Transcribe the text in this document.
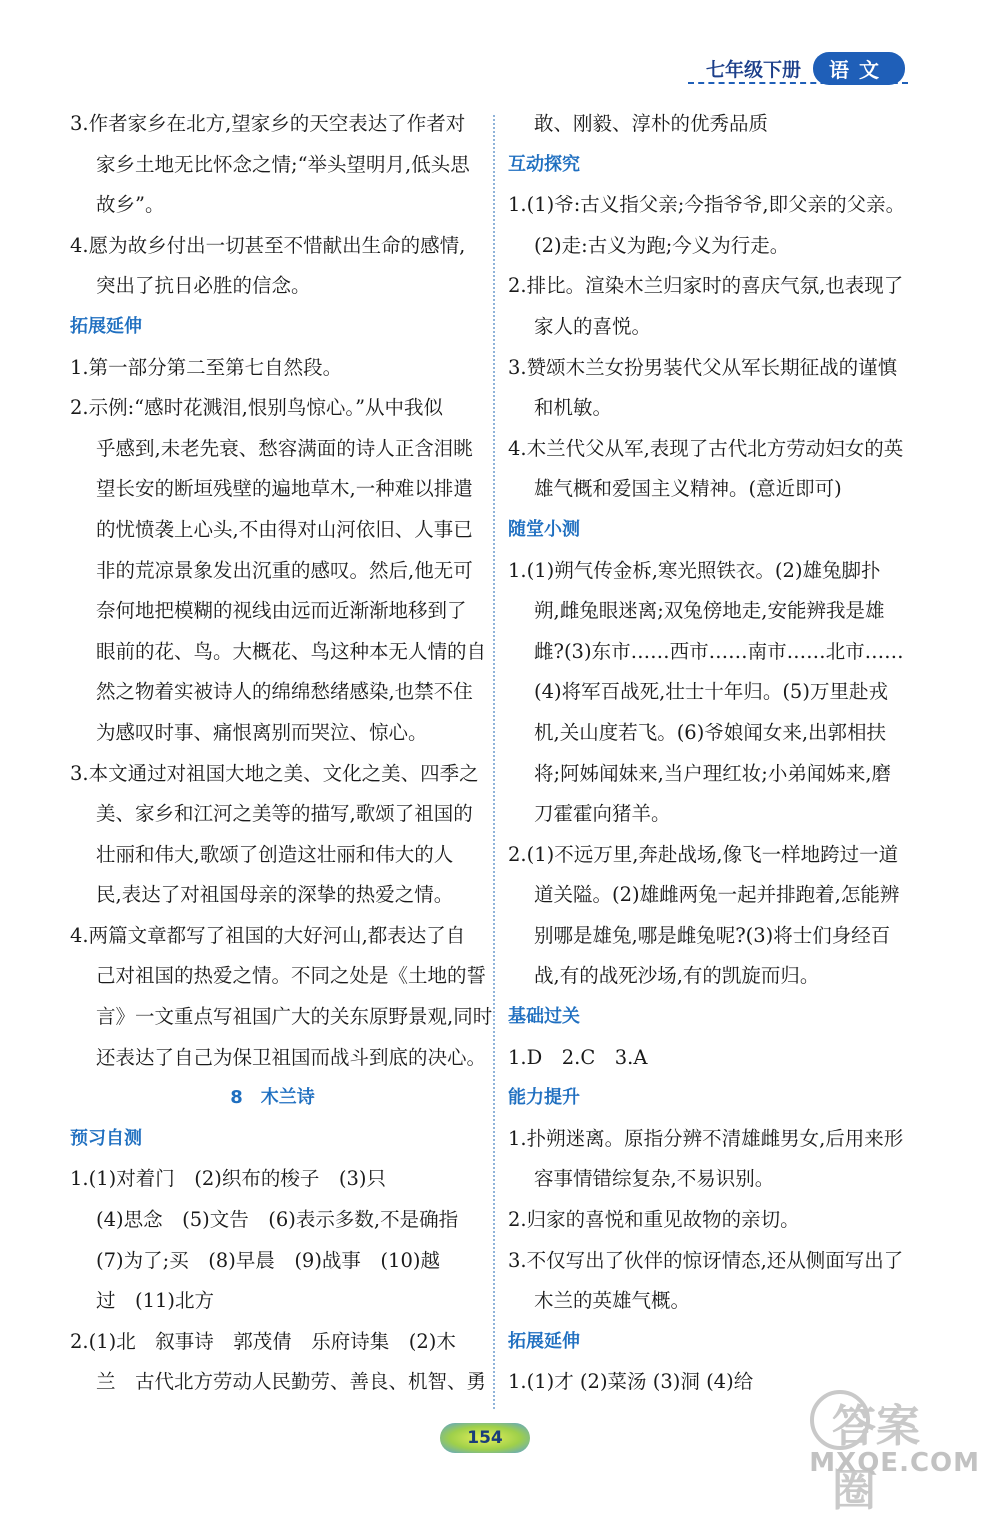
七年级下册	语文
3.作者家乡在北方,望家乡的天空表达了作者对
家乡土地无比怀念之情;“举头望明月,低头思
故乡”。
4.愿为故乡付出一切甚至不惜献出生命的感情,
突出了抗日必胜的信念。
拓展延伸
1.第一部分第二至第七自然段。
2.示例:“感时花溅泪,恨别鸟惊心。”从中我似
乎感到,未老先衰、愁容满面的诗人正含泪眺
望长安的断垣残壁的遍地草木,一种难以排遣
的忧愤袭上心头,不由得对山河依旧、人事已
非的荒凉景象发出沉重的感叹。然后,他无可
奈何地把模糊的视线由远而近渐渐地移到了
眼前的花、鸟。大概花、鸟这种本无人情的自
然之物着实被诗人的绵绵愁绪感染,也禁不住
为感叹时事、痛恨离别而哭泣、惊心。
3.本文通过对祖国大地之美、文化之美、四季之
美、家乡和江河之美等的描写,歌颂了祖国的
壮丽和伟大,歌颂了创造这壮丽和伟大的人
民,表达了对祖国母亲的深挚的热爱之情。
4.两篇文章都写了祖国的大好河山,都表达了自
己对祖国的热爱之情。不同之处是《土地的誓
言》一文重点写祖国广大的关东原野景观,同时
还表达了自己为保卫祖国而战斗到底的决心。
8　木兰诗
预习自测
1.(1)对着门　(2)织布的梭子　(3)只
(4)思念　(5)文告　(6)表示多数,不是确指
(7)为了;买　(8)早晨　(9)战事　(10)越
过　(11)北方
2.(1)北　叙事诗　郭茂倩　乐府诗集　(2)木
兰　古代北方劳动人民勤劳、善良、机智、勇
敢、刚毅、淳朴的优秀品质
互动探究
1.(1)爷:古义指父亲;今指爷爷,即父亲的父亲。
(2)走:古义为跑;今义为行走。
2.排比。渲染木兰归家时的喜庆气氛,也表现了
家人的喜悦。
3.赞颂木兰女扮男装代父从军长期征战的谨慎
和机敏。
4.木兰代父从军,表现了古代北方劳动妇女的英
雄气概和爱国主义精神。(意近即可)
随堂小测
1.(1)朔气传金柝,寒光照铁衣。(2)雄兔脚扑
朔,雌兔眼迷离;双兔傍地走,安能辨我是雄
雌?(3)东市……西市……南市……北市……
(4)将军百战死,壮士十年归。(5)万里赴戎
机,关山度若飞。(6)爷娘闻女来,出郭相扶
将;阿姊闻妹来,当户理红妆;小弟闻姊来,磨
刀霍霍向猪羊。
2.(1)不远万里,奔赴战场,像飞一样地跨过一道
道关隘。(2)雄雌两兔一起并排跑着,怎能辨
别哪是雄兔,哪是雌兔呢?(3)将士们身经百
战,有的战死沙场,有的凯旋而归。
基础过关
1.D　2.C　3.A
能力提升
1.扑朔迷离。原指分辨不清雄雌男女,后用来形
容事情错综复杂,不易识别。
2.归家的喜悦和重见故物的亲切。
3.不仅写出了伙伴的惊讶情态,还从侧面写出了
木兰的英雄气概。
拓展延伸
1.(1)才 (2)菜汤 (3)洞 (4)给
154	答案圈
MXQE.COM
